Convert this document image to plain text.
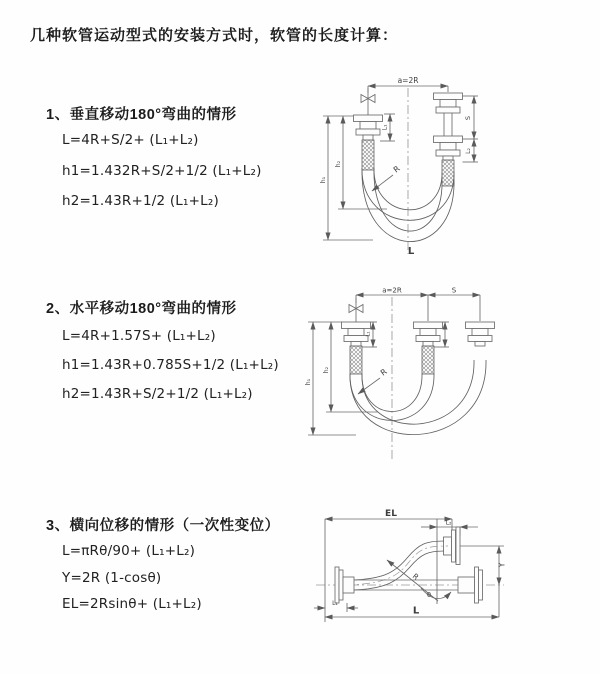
几种软管运动型式的安装方式时，软管的长度计算：
1、垂直移动180°弯曲的情形
L=4R+S/2+ (L₁+L₂)
h1=1.432R+S/2+1/2 (L₁+L₂)
h2=1.43R+1/2 (L₁+L₂)
2、水平移动180°弯曲的情形
L=4R+1.57S+ (L₁+L₂)
h1=1.43R+0.785S+1/2 (L₁+L₂)
h2=1.43R+S/2+1/2 (L₁+L₂)
3、横向位移的情形（一次性变位）
L=πRθ/90+ (L₁+L₂)
Y=2R (1-cosθ)
EL=2Rsinθ+ (L₁+L₂)
a=2R
L₁
S
L₂
h₁
h₂
R
L
a=2R	S
L₁
h₁
h₂	R
EL
L₂
Y
L
L₁
R
θ
